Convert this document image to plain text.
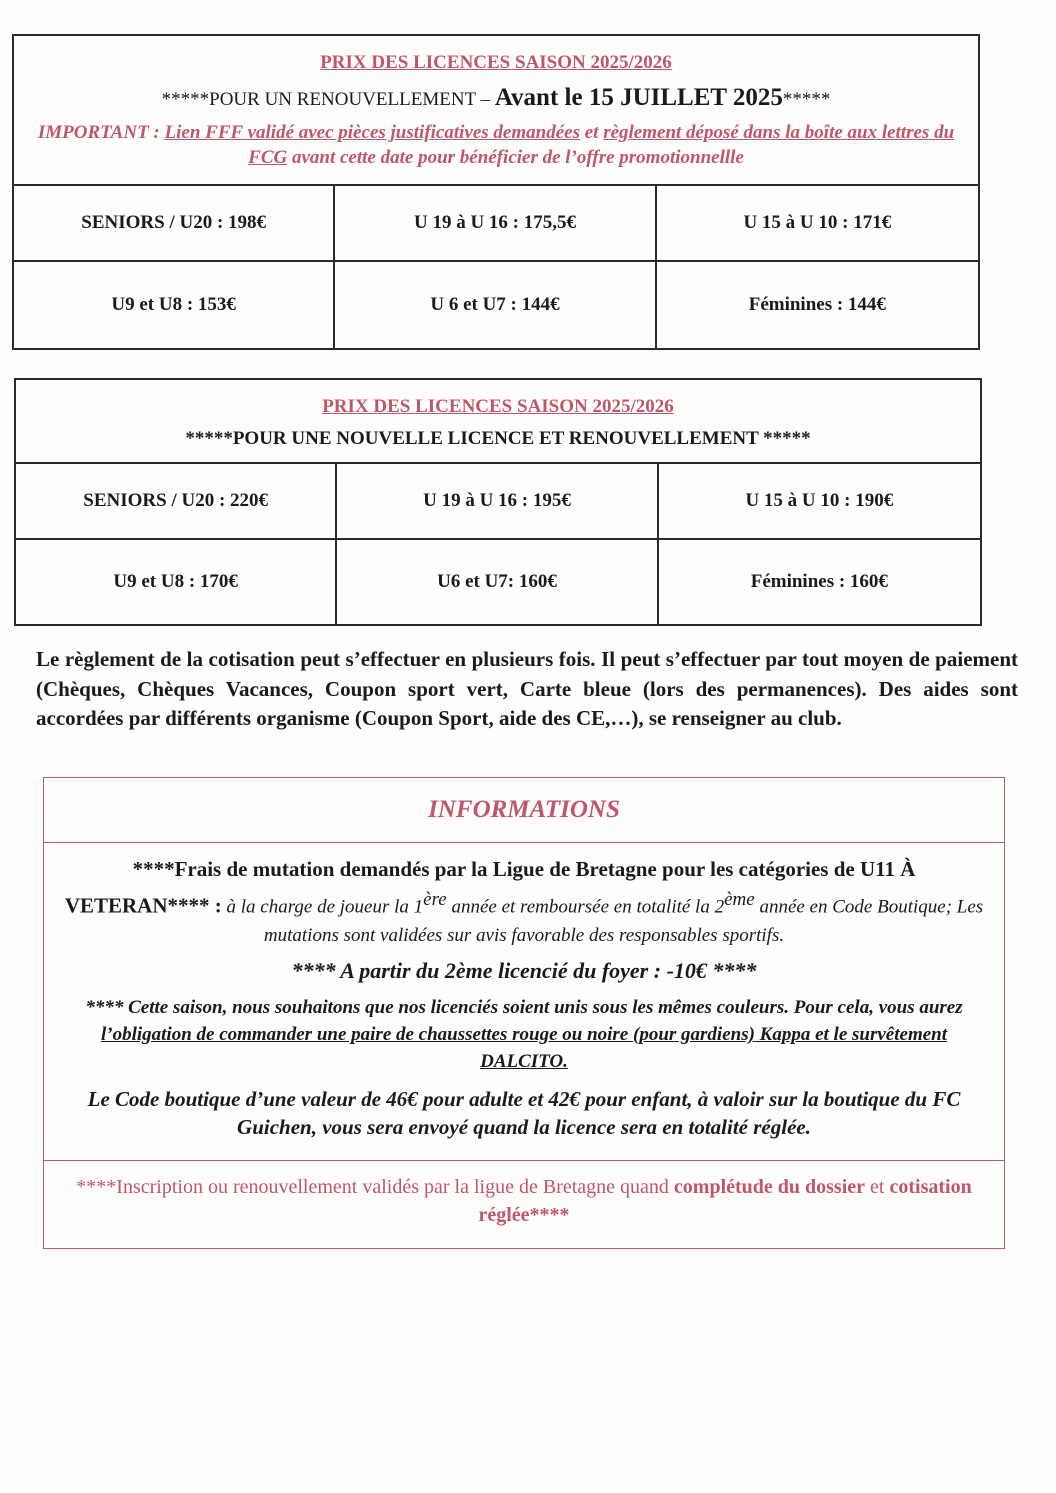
PRIX DES LICENCES SAISON 2025/2026
*****POUR UN RENOUVELLEMENT – Avant le 15 JUILLET 2025*****
IMPORTANT : Lien FFF validé avec pièces justificatives demandées et règlement déposé dans la boîte aux lettres du FCG avant cette date pour bénéficier de l’offre promotionnellle
SENIORS / U20 : 198€	U 19 à U 16 : 175,5€	U 15 à U 10 : 171€
U9 et U8 : 153€	U 6 et U7 : 144€	Féminines : 144€
PRIX DES LICENCES SAISON 2025/2026
*****POUR UNE NOUVELLE LICENCE ET RENOUVELLEMENT *****
SENIORS / U20 : 220€	U 19 à U 16 : 195€	U 15 à U 10 : 190€
U9 et U8 : 170€	U6 et U7: 160€	Féminines : 160€
Le règlement de la cotisation peut s’effectuer en plusieurs fois. Il peut s’effectuer par tout moyen de paiement (Chèques, Chèques Vacances, Coupon sport vert, Carte bleue (lors des permanences). Des aides sont accordées par différents organisme (Coupon Sport, aide des CE,…), se renseigner au club.
INFORMATIONS
****Frais de mutation demandés par la Ligue de Bretagne pour les catégories de U11 À VETERAN**** : à la charge de joueur la 1ère année et remboursée en totalité la 2ème année en Code Boutique; Les mutations sont validées sur avis favorable des responsables sportifs.
**** A partir du 2ème licencié du foyer : -10€ ****
**** Cette saison, nous souhaitons que nos licenciés soient unis sous les mêmes couleurs. Pour cela, vous aurez l’obligation de commander une paire de chaussettes rouge ou noire (pour gardiens) Kappa et le survêtement DALCITO.
Le Code boutique d’une valeur de 46€ pour adulte et 42€ pour enfant, à valoir sur la boutique du FC Guichen, vous sera envoyé quand la licence sera en totalité réglée.
****Inscription ou renouvellement validés par la ligue de Bretagne quand complétude du dossier et cotisation réglée****
